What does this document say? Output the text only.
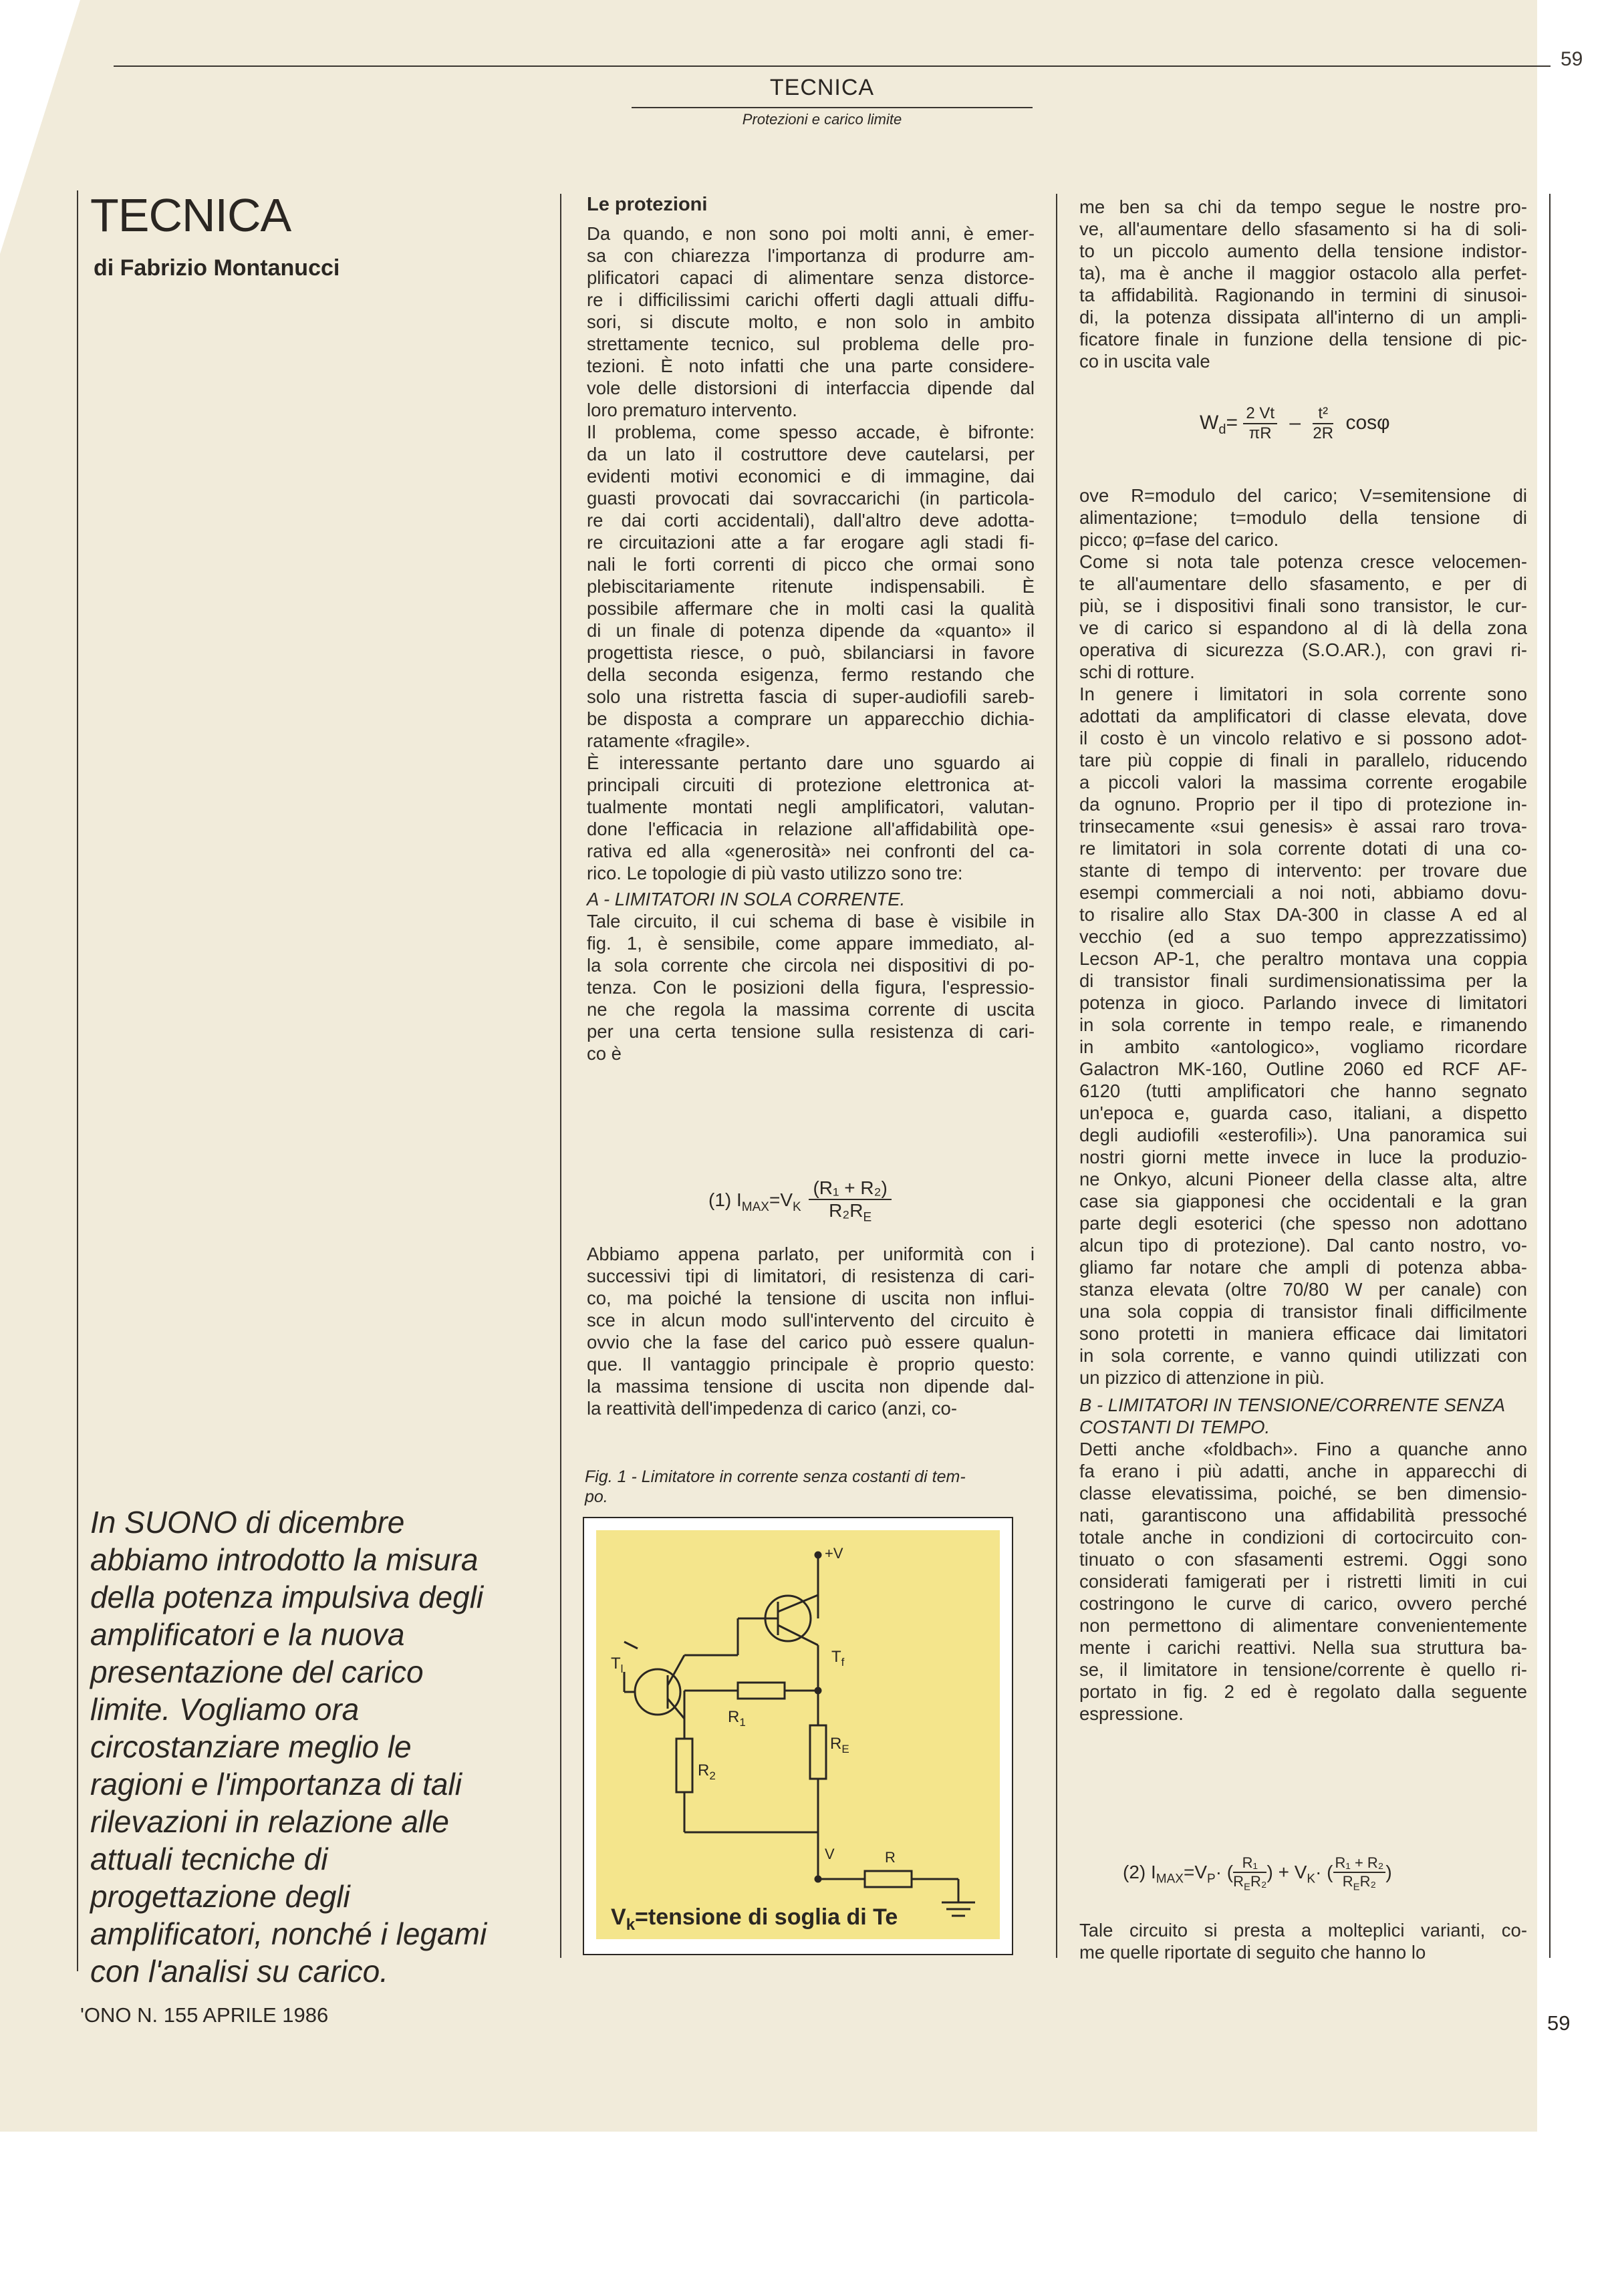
59
TECNICA
Protezioni e carico limite
TECNICA
di Fabrizio Montanucci
In SUONO di dicembre
abbiamo introdotto la misura
della potenza impulsiva degli
amplificatori e la nuova
presentazione del carico
limite. Vogliamo ora
circostanziare meglio le
ragioni e l'importanza di tali
rilevazioni in relazione alle
attuali tecniche di
progettazione degli
amplificatori, nonché i legami
con l'analisi su carico.
Le protezioni
Da quando, e non sono poi molti anni, è emer-
sa con chiarezza l'importanza di produrre am-
plificatori capaci di alimentare senza distorce-
re i difficilissimi carichi offerti dagli attuali diffu-
sori, si discute molto, e non solo in ambito
strettamente tecnico, sul problema delle pro-
tezioni. È noto infatti che una parte considere-
vole delle distorsioni di interfaccia dipende dal
loro prematuro intervento.
Il problema, come spesso accade, è bifronte:
da un lato il costruttore deve cautelarsi, per
evidenti motivi economici e di immagine, dai
guasti provocati dai sovraccarichi (in particola-
re dai corti accidentali), dall'altro deve adotta-
re circuitazioni atte a far erogare agli stadi fi-
nali le forti correnti di picco che ormai sono
plebiscitariamente ritenute indispensabili. È
possibile affermare che in molti casi la qualità
di un finale di potenza dipende da «quanto» il
progettista riesce, o può, sbilanciarsi in favore
della seconda esigenza, fermo restando che
solo una ristretta fascia di super-audiofili sareb-
be disposta a comprare un apparecchio dichia-
ratamente «fragile».
È interessante pertanto dare uno sguardo ai
principali circuiti di protezione elettronica at-
tualmente montati negli amplificatori, valutan-
done l'efficacia in relazione all'affidabilità ope-
rativa ed alla «generosità» nei confronti del ca-
rico. Le topologie di più vasto utilizzo sono tre:
A - LIMITATORI IN SOLA CORRENTE.
Tale circuito, il cui schema di base è visibile in
fig. 1, è sensibile, come appare immediato, al-
la sola corrente che circola nei dispositivi di po-
tenza. Con le posizioni della figura, l'espressio-
ne che regola la massima corrente di uscita
per una certa tensione sulla resistenza di cari-
co è
(1) $I_{MAX}=V_K \frac{\text{(R₁ + R₂)}}{R_2R_E}$
Abbiamo appena parlato, per uniformità con i
successivi tipi di limitatori, di resistenza di cari-
co, ma poiché la tensione di uscita non influi-
sce in alcun modo sull'intervento del circuito è
ovvio che la fase del carico può essere qualun-
que. Il vantaggio principale è proprio questo:
la massima tensione di uscita non dipende dal-
la reattività dell'impedenza di carico (anzi, co-
Fig. 1 - Limitatore in corrente senza costanti di tem-
po.
+V
$T_l$
$T_f$
$R_1$
$R_2$
$R_E$
V	R
$V_k=tensione$ di soglia di Te
me ben sa chi da tempo segue le nostre pro-
ve, all'aumentare dello sfasamento si ha di soli-
to un piccolo aumento della tensione indistor-
ta), ma è anche il maggior ostacolo alla perfet-
ta affidabilità. Ragionando in termini di sinusoi-
di, la potenza dissipata all'interno di un ampli-
ficatore finale in funzione della tensione di pic-
co in uscita vale
$W_d= \frac{2 Vt}{\pi R} - \frac{\text{t²}}{2R}$ cosφ
ove R=modulo del carico; V=semitensione di
alimentazione; t=modulo della tensione di
picco; φ=fase del carico.
Come si nota tale potenza cresce velocemen-
te all'aumentare dello sfasamento, e per di
più, se i dispositivi finali sono transistor, le cur-
ve di carico si espandono al di là della zona
operativa di sicurezza (S.O.AR.), con gravi ri-
schi di rotture.
In genere i limitatori in sola corrente sono
adottati da amplificatori di classe elevata, dove
il costo è un vincolo relativo e si possono adot-
tare più coppie di finali in parallelo, riducendo
a piccoli valori la massima corrente erogabile
da ognuno. Proprio per il tipo di protezione in-
trinsecamente «sui genesis» è assai raro trova-
re limitatori in sola corrente dotati di una co-
stante di tempo di intervento: per trovare due
esempi commerciali a noi noti, abbiamo dovu-
to risalire allo Stax DA-300 in classe A ed al
vecchio (ed a suo tempo apprezzatissimo)
Lecson AP-1, che peraltro montava una coppia
di transistor finali surdimensionatissima per la
potenza in gioco. Parlando invece di limitatori
in sola corrente in tempo reale, e rimanendo
in ambito «antologico», vogliamo ricordare
Galactron MK-160, Outline 2060 ed RCF AF-
6120 (tutti amplificatori che hanno segnato
un'epoca e, guarda caso, italiani, a dispetto
degli audiofili «esterofili»). Una panoramica sui
nostri giorni mette invece in luce la produzio-
ne Onkyo, alcuni Pioneer della classe alta, altre
case sia giapponesi che occidentali e la gran
parte degli esoterici (che spesso non adottano
alcun tipo di protezione). Dal canto nostro, vo-
gliamo far notare che ampli di potenza abba-
stanza elevata (oltre 70/80 W per canale) con
una sola coppia di transistor finali difficilmente
sono protetti in maniera efficace dai limitatori
in sola corrente, e vanno quindi utilizzati con
un pizzico di attenzione in più.
B - LIMITATORI IN TENSIONE/CORRENTE SENZA
COSTANTI DI TEMPO.
Detti anche «foldbach». Fino a quanche anno
fa erano i più adatti, anche in apparecchi di
classe elevatissima, poiché, se ben dimensio-
nati, garantiscono una affidabilità pressoché
totale anche in condizioni di cortocircuito con-
tinuato o con sfasamenti estremi. Oggi sono
considerati famigerati per i ristretti limiti in cui
costringono le curve di carico, ovvero perché
non permettono di alimentare convenientemente
mente i carichi reattivi. Nella sua struttura ba-
se, il limitatore in tensione/corrente è quello ri-
portato in fig. 2 ed è regolato dalla seguente
espressione.
(2) $I_{MAX}=V_P\cdot$ ( R₁
$R_ER_2$ ) + $V_K\cdot$ ( R₁ + R₂
$R_ER_2$ )
Tale circuito si presta a molteplici varianti, co-
me quelle riportate di seguito che hanno lo
'ONO N. 155 APRILE 1986	59
